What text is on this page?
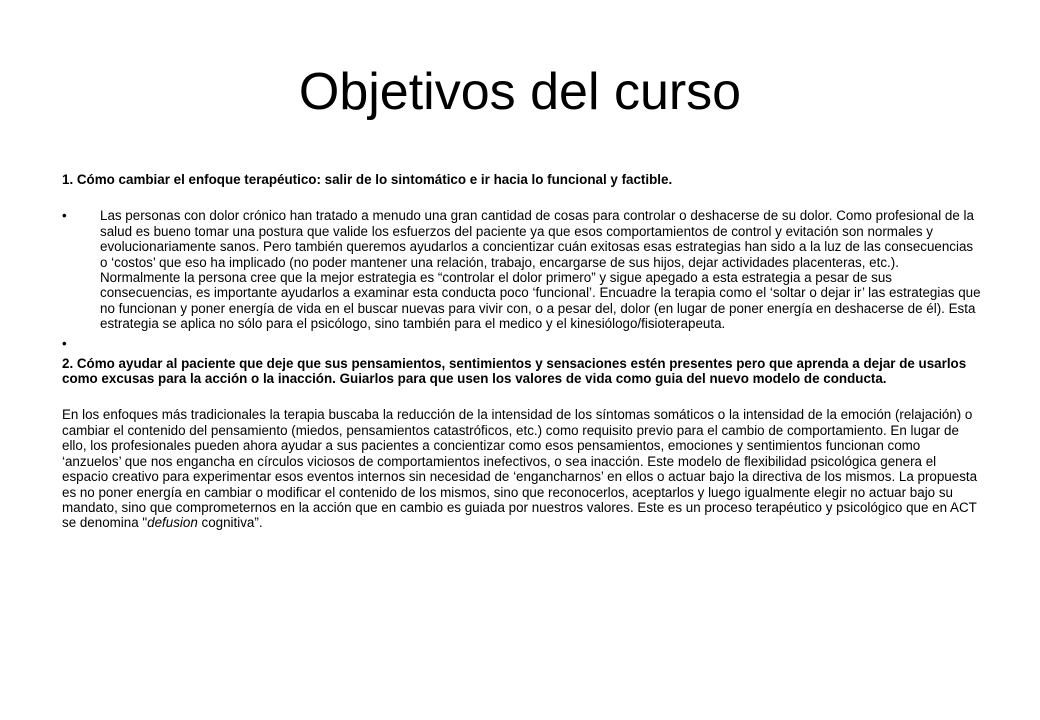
Objetivos del curso

1. Cómo cambiar el enfoque terapéutico: salir de lo sintomático e ir hacia lo funcional y factible.

•	Las personas con dolor crónico han tratado a menudo una gran cantidad de cosas para controlar o deshacerse de su dolor. Como profesional de la salud es bueno tomar una postura que valide los esfuerzos del paciente ya que esos comportamientos de control y evitación son normales y evolucionariamente sanos. Pero también queremos ayudarlos a concientizar cuán exitosas esas estrategias han sido a la luz de las consecuencias o ‘costos’ que eso ha implicado (no poder mantener una relación, trabajo, encargarse de sus hijos, dejar actividades placenteras, etc.). Normalmente la persona cree que la mejor estrategia es “controlar el dolor primero” y sigue apegado a esta estrategia a pesar de sus consecuencias, es importante ayudarlos a examinar esta conducta poco ‘funcional’. Encuadre la terapia como el ‘soltar o dejar ir’ las estrategias que no funcionan y poner energía de vida en el buscar nuevas para vivir con, o a pesar del, dolor (en lugar de poner energía en deshacerse de él). Esta estrategia se aplica no sólo para el psicólogo, sino también para el medico y el kinesiólogo/fisioterapeuta.
•

2. Cómo ayudar al paciente que deje que sus pensamientos, sentimientos y sensaciones estén presentes pero que aprenda a dejar de usarlos como excusas para la acción o la inacción. Guiarlos para que usen los valores de vida como guia del nuevo modelo de conducta.

En los enfoques más tradicionales la terapia buscaba la reducción de la intensidad de los síntomas somáticos o la intensidad de la emoción (relajación) o cambiar el contenido del pensamiento (miedos, pensamientos catastróficos, etc.) como requisito previo para el cambio de comportamiento. En lugar de ello, los profesionales pueden ahora ayudar a sus pacientes a concientizar como esos pensamientos, emociones y sentimientos funcionan como ‘anzuelos’ que nos engancha en círculos viciosos de comportamientos inefectivos, o sea inacción. Este modelo de flexibilidad psicológica genera el espacio creativo para experimentar esos eventos internos sin necesidad de ‘engancharnos’ en ellos o actuar bajo la directiva de los mismos. La propuesta es no poner energía en cambiar o modificar el contenido de los mismos, sino que reconocerlos, aceptarlos y luego igualmente elegir no actuar bajo su mandato, sino que comprometernos en la acción que en cambio es guiada por nuestros valores. Este es un proceso terapéutico y psicológico que en ACT se denomina "defusion cognitiva”.
